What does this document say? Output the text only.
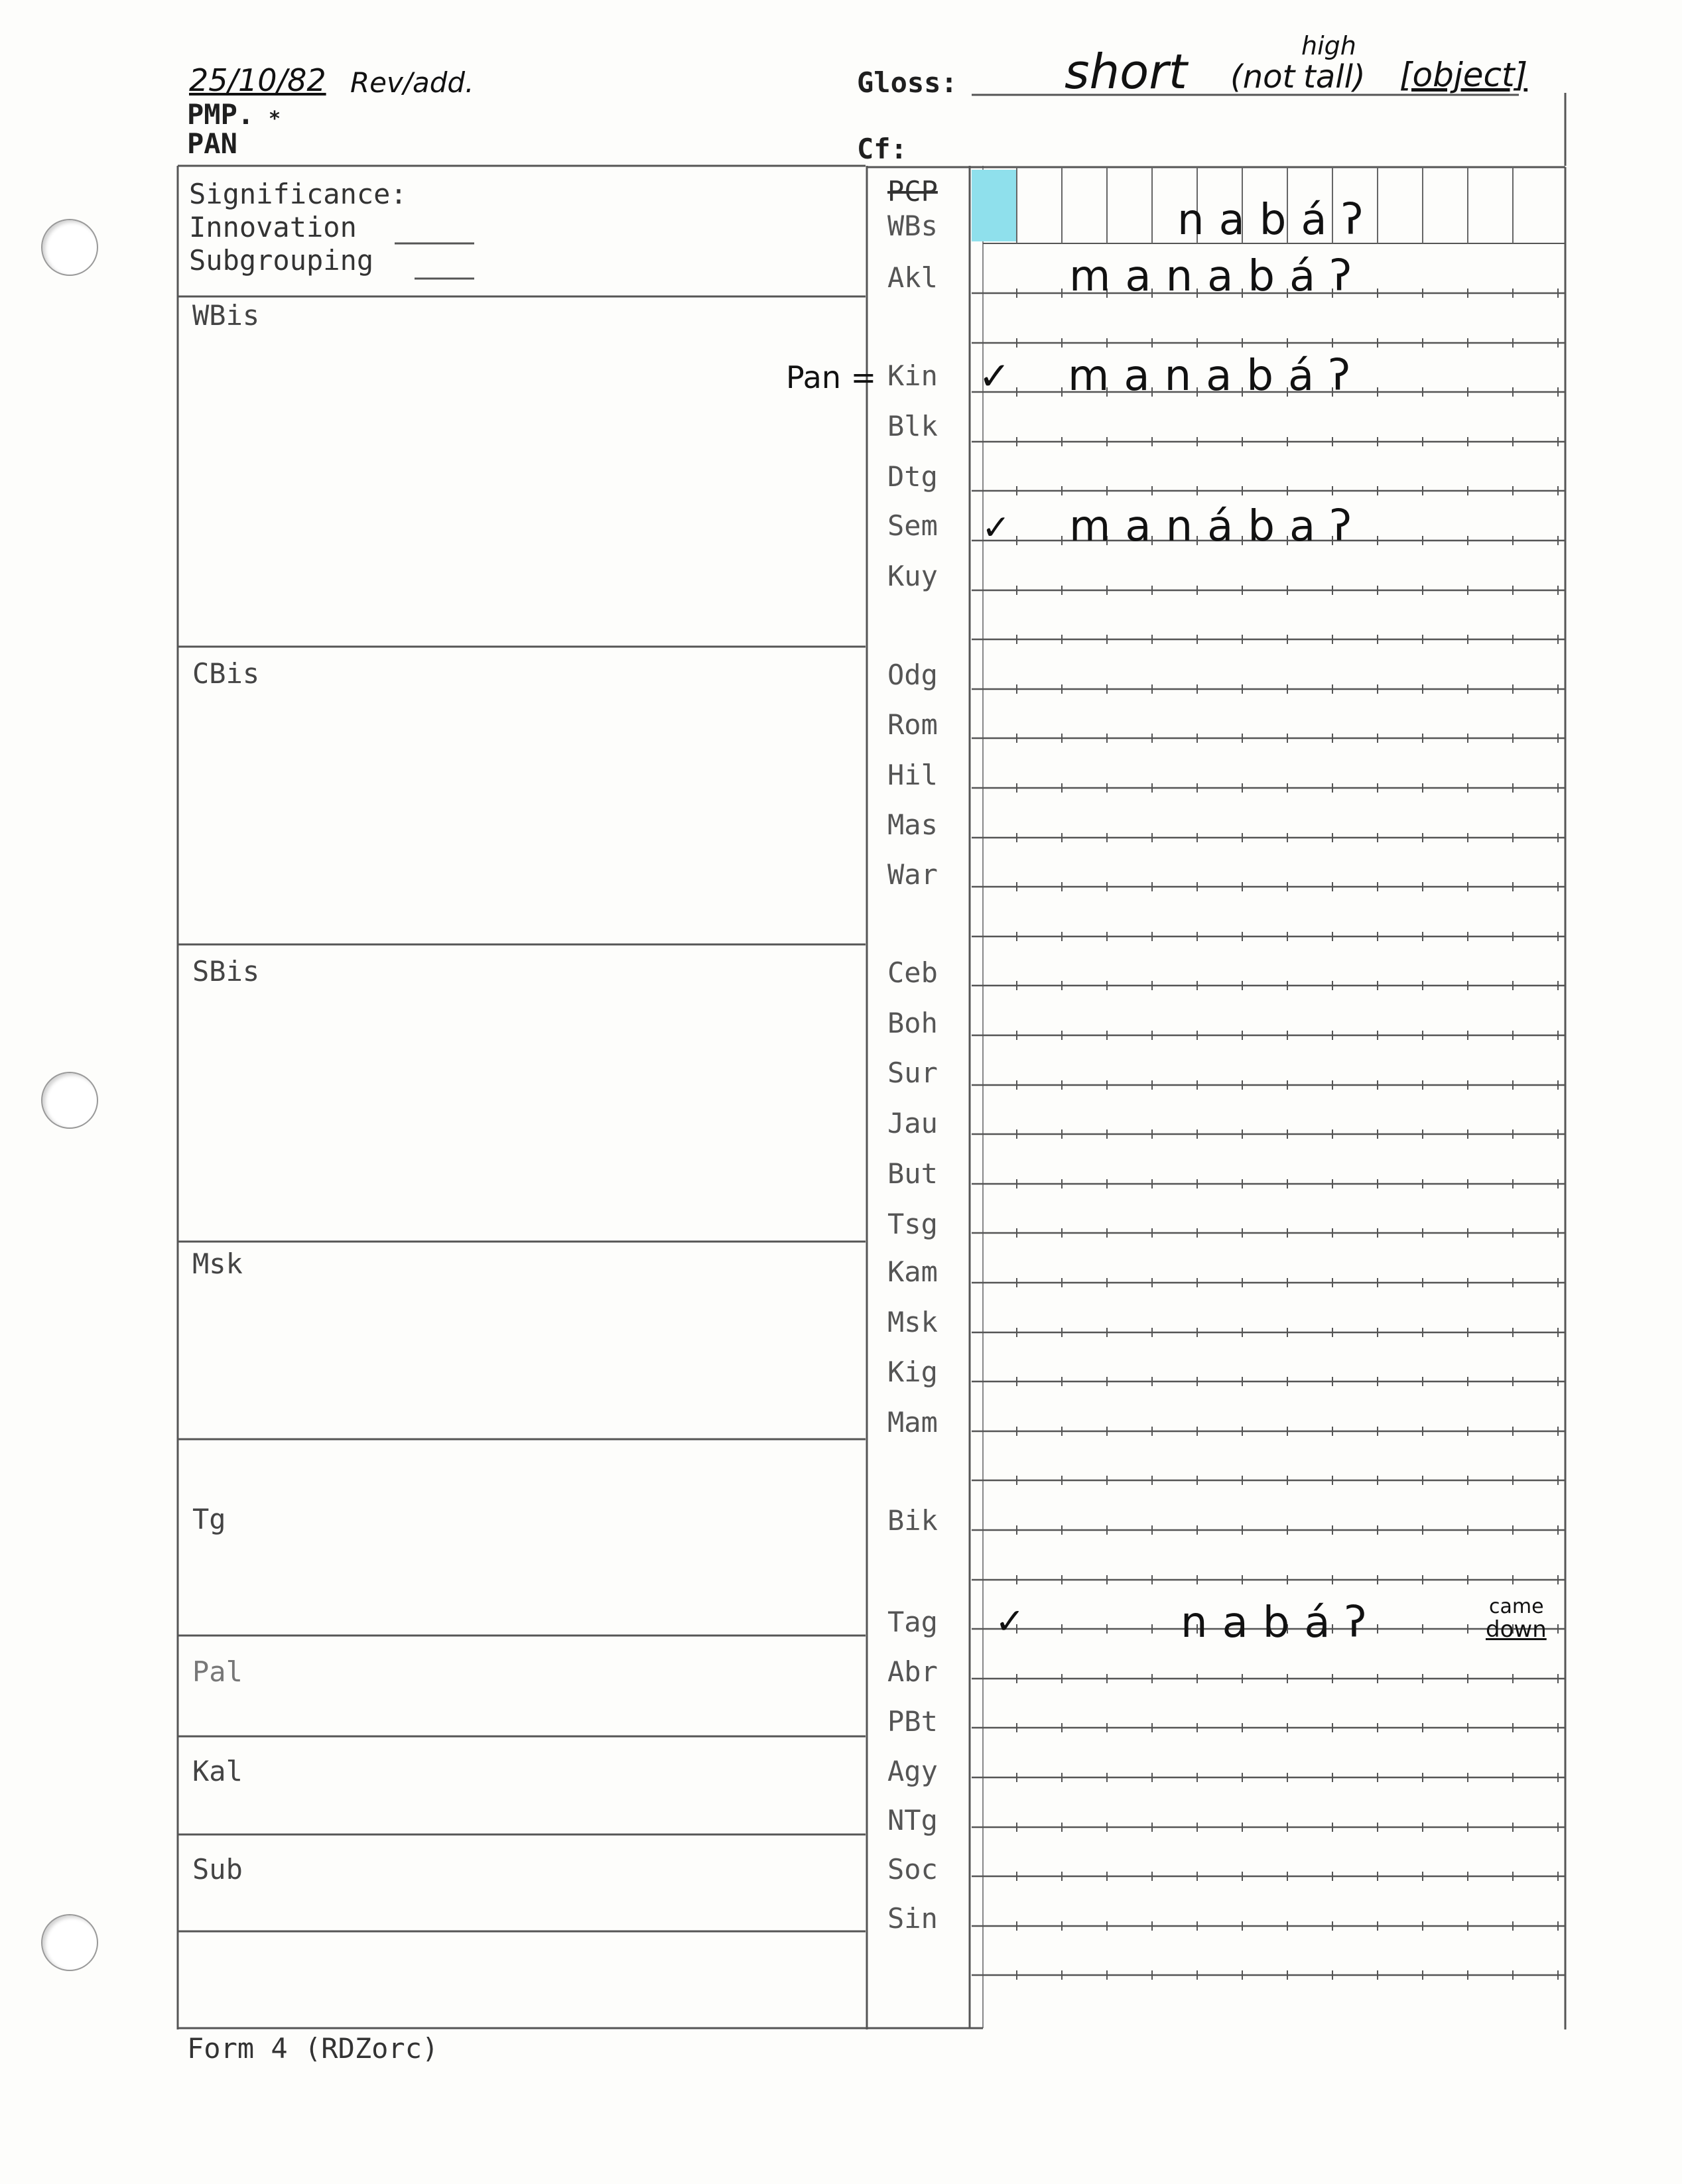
25/10/82 Rev/add.
PMP. *
PAN
Gloss: short (not
high
tall) [object]
Cf:
Significance:
Innovation
Subgrouping
WBis
CBis
SBis
Msk
Tg
Pal
Kal
Sub
PCP
WBs
Akl
Pan = Kin
Blk
Dtg
Sem
Kuy
Odg
Rom
Hil
Mas
War
Ceb
Boh
Sur
Jau
But
Tsg
Kam
Msk
Kig
Mam
Bik
Tag
Abr
PBt
Agy
NTg
Soc
Sin
nabáʔ
manabáʔ
✓ manabáʔ
✓ manábaʔ
✓	nabáʔ	came
down
Form 4 (RDZorc)
